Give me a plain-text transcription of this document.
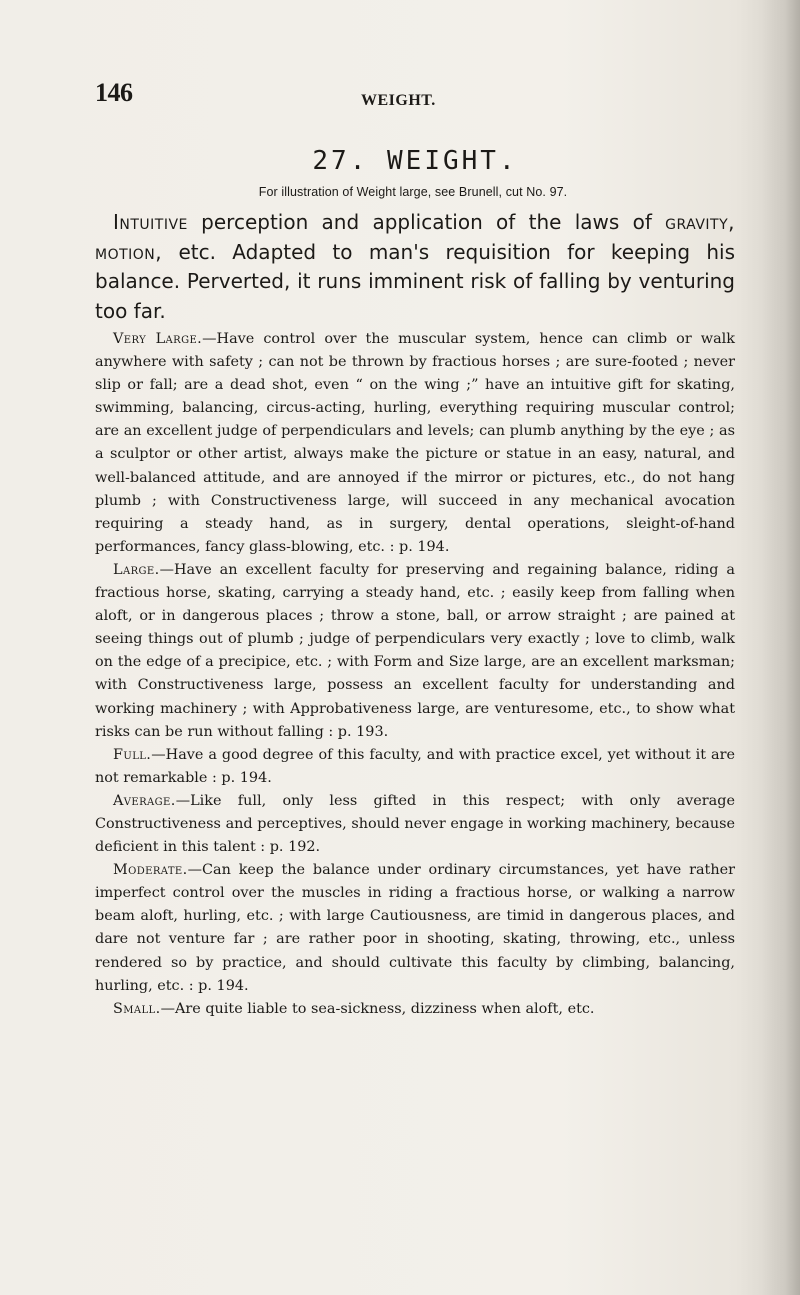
146	WEIGHT.
27. WEIGHT.
For illustration of Weight large, see Brunell, cut No. 97.
Intuitive perception and application of the laws of gravity, motion, etc. Adapted to man's requisition for keeping his balance. Perverted, it runs imminent risk of falling by venturing too far.

Very Large.—Have control over the muscular system, hence can climb or walk anywhere with safety ; can not be thrown by fractious horses ; are sure-footed ; never slip or fall; are a dead shot, even “ on the wing ;” have an intuitive gift for skating, swimming, balancing, circus-acting, hurling, everything requiring muscular control; are an excellent judge of perpendiculars and levels; can plumb anything by the eye ; as a sculptor or other artist, always make the picture or statue in an easy, natural, and well-balanced attitude, and are annoyed if the mirror or pictures, etc., do not hang plumb ; with Constructiveness large, will succeed in any mechanical avocation requiring a steady hand, as in surgery, dental operations, sleight-of-hand performances, fancy glass-blowing, etc. : p. 194.

Large.—Have an excellent faculty for preserving and regaining balance, riding a fractious horse, skating, carrying a steady hand, etc. ; easily keep from falling when aloft, or in dangerous places ; throw a stone, ball, or arrow straight ; are pained at seeing things out of plumb ; judge of perpendiculars very exactly ; love to climb, walk on the edge of a precipice, etc. ; with Form and Size large, are an excellent marksman; with Constructiveness large, possess an excellent faculty for understanding and working machinery ; with Approbativeness large, are venturesome, etc., to show what risks can be run without falling : p. 193.

Full.—Have a good degree of this faculty, and with practice excel, yet without it are not remarkable : p. 194.

Average.—Like full, only less gifted in this respect; with only average Constructiveness and perceptives, should never engage in working machinery, because deficient in this talent : p. 192.

Moderate.—Can keep the balance under ordinary circumstances, yet have rather imperfect control over the muscles in riding a fractious horse, or walking a narrow beam aloft, hurling, etc. ; with large Cautiousness, are timid in dangerous places, and dare not venture far ; are rather poor in shooting, skating, throwing, etc., unless rendered so by practice, and should cultivate this faculty by climbing, balancing, hurling, etc. : p. 194.

Small.—Are quite liable to sea-sickness, dizziness when aloft, etc.
